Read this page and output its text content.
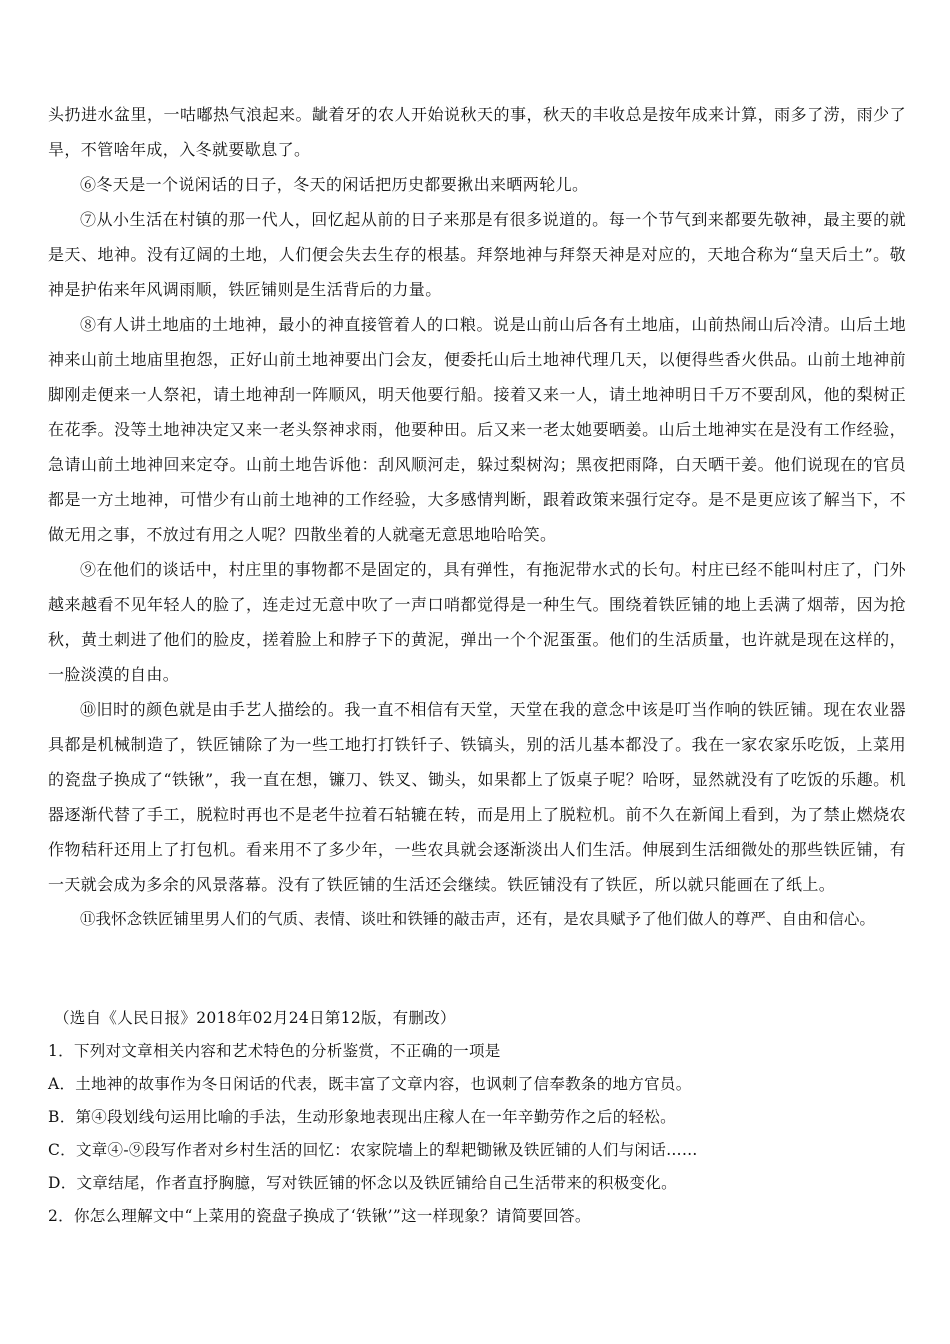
头扔进水盆里，一咕嘟热气浪起来。龇着牙的农人开始说秋天的事，秋天的丰收总是按年成来计算，雨多了涝，雨少了旱，不管啥年成，入冬就要歇息了。

⑥冬天是一个说闲话的日子，冬天的闲话把历史都要揪出来晒两轮儿。

⑦从小生活在村镇的那一代人，回忆起从前的日子来那是有很多说道的。每一个节气到来都要先敬神，最主要的就是天、地神。没有辽阔的土地，人们便会失去生存的根基。拜祭地神与拜祭天神是对应的，天地合称为“皇天后土”。敬神是护佑来年风调雨顺，铁匠铺则是生活背后的力量。

⑧有人讲土地庙的土地神，最小的神直接管着人的口粮。说是山前山后各有土地庙，山前热闹山后冷清。山后土地神来山前土地庙里抱怨，正好山前土地神要出门会友，便委托山后土地神代理几天，以便得些香火供品。山前土地神前脚刚走便来一人祭祀，请土地神刮一阵顺风，明天他要行船。接着又来一人，请土地神明日千万不要刮风，他的梨树正在花季。没等土地神决定又来一老头祭神求雨，他要种田。后又来一老太她要晒姜。山后土地神实在是没有工作经验，急请山前土地神回来定夺。山前土地告诉他：刮风顺河走，躲过梨树沟；黑夜把雨降，白天晒干姜。他们说现在的官员都是一方土地神，可惜少有山前土地神的工作经验，大多感情判断，跟着政策来强行定夺。是不是更应该了解当下，不做无用之事，不放过有用之人呢？四散坐着的人就毫无意思地哈哈笑。

⑨在他们的谈话中，村庄里的事物都不是固定的，具有弹性，有拖泥带水式的长句。村庄已经不能叫村庄了，门外越来越看不见年轻人的脸了，连走过无意中吹了一声口哨都觉得是一种生气。围绕着铁匠铺的地上丢满了烟蒂，因为抢秋，黄土刺进了他们的脸皮，搓着脸上和脖子下的黄泥，弹出一个个泥蛋蛋。他们的生活质量，也许就是现在这样的，一脸淡漠的自由。

⑩旧时的颜色就是由手艺人描绘的。我一直不相信有天堂，天堂在我的意念中该是叮当作响的铁匠铺。现在农业器具都是机械制造了，铁匠铺除了为一些工地打打铁钎子、铁镐头，别的活儿基本都没了。我在一家农家乐吃饭，上菜用的瓷盘子换成了“铁锹”，我一直在想，镰刀、铁叉、锄头，如果都上了饭桌子呢？哈呀，显然就没有了吃饭的乐趣。机器逐渐代替了手工，脱粒时再也不是老牛拉着石轱辘在转，而是用上了脱粒机。前不久在新闻上看到，为了禁止燃烧农作物秸秆还用上了打包机。看来用不了多少年，一些农具就会逐渐淡出人们生活。伸展到生活细微处的那些铁匠铺，有一天就会成为多余的风景落幕。没有了铁匠铺的生活还会继续。铁匠铺没有了铁匠，所以就只能画在了纸上。

⑪我怀念铁匠铺里男人们的气质、表情、谈吐和铁锤的敲击声，还有，是农具赋予了他们做人的尊严、自由和信心。

（选自《人民日报》2018年02月24日第12版，有删改）

1．下列对文章相关内容和艺术特色的分析鉴赏，不正确的一项是

A．土地神的故事作为冬日闲话的代表，既丰富了文章内容，也讽刺了信奉教条的地方官员。

B．第④段划线句运用比喻的手法，生动形象地表现出庄稼人在一年辛勤劳作之后的轻松。

C．文章④-⑨段写作者对乡村生活的回忆：农家院墙上的犁耙锄锹及铁匠铺的人们与闲话……

D．文章结尾，作者直抒胸臆，写对铁匠铺的怀念以及铁匠铺给自己生活带来的积极变化。

2．你怎么理解文中“上菜用的瓷盘子换成了‘铁锹’”这一样现象？请简要回答。
